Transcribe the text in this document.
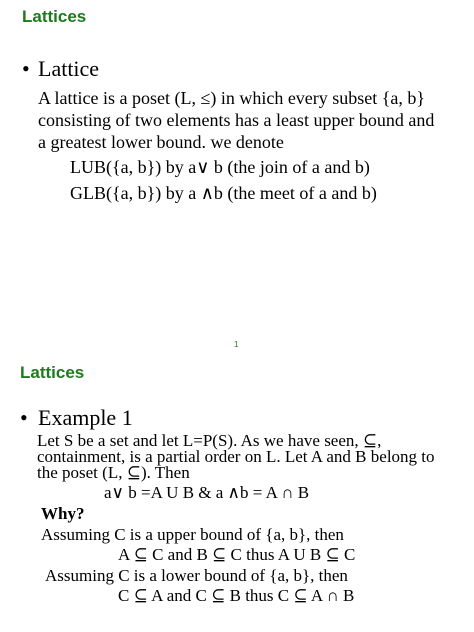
Lattices
• Lattice
A lattice is a poset (L, ≤) in which every subset {a, b}
consisting of two elements has a least upper bound and
a greatest lower bound. we denote
LUB({a, b}) by a∨ b (the join of a and b)
GLB({a, b}) by a ∧b (the meet of a and b)
1
Lattices
• Example 1
Let S be a set and let L=P(S). As we have seen, ⊆,
containment, is a partial order on L. Let A and B belong to
the poset (L, ⊆). Then
a∨ b =A U B & a ∧b = A ∩ B
Why?
Assuming C is a upper bound of {a, b}, then
A ⊆ C and B ⊆ C thus A U B ⊆ C
Assuming C is a lower bound of {a, b}, then
C ⊆ A and C ⊆ B thus C ⊆ A ∩ B
